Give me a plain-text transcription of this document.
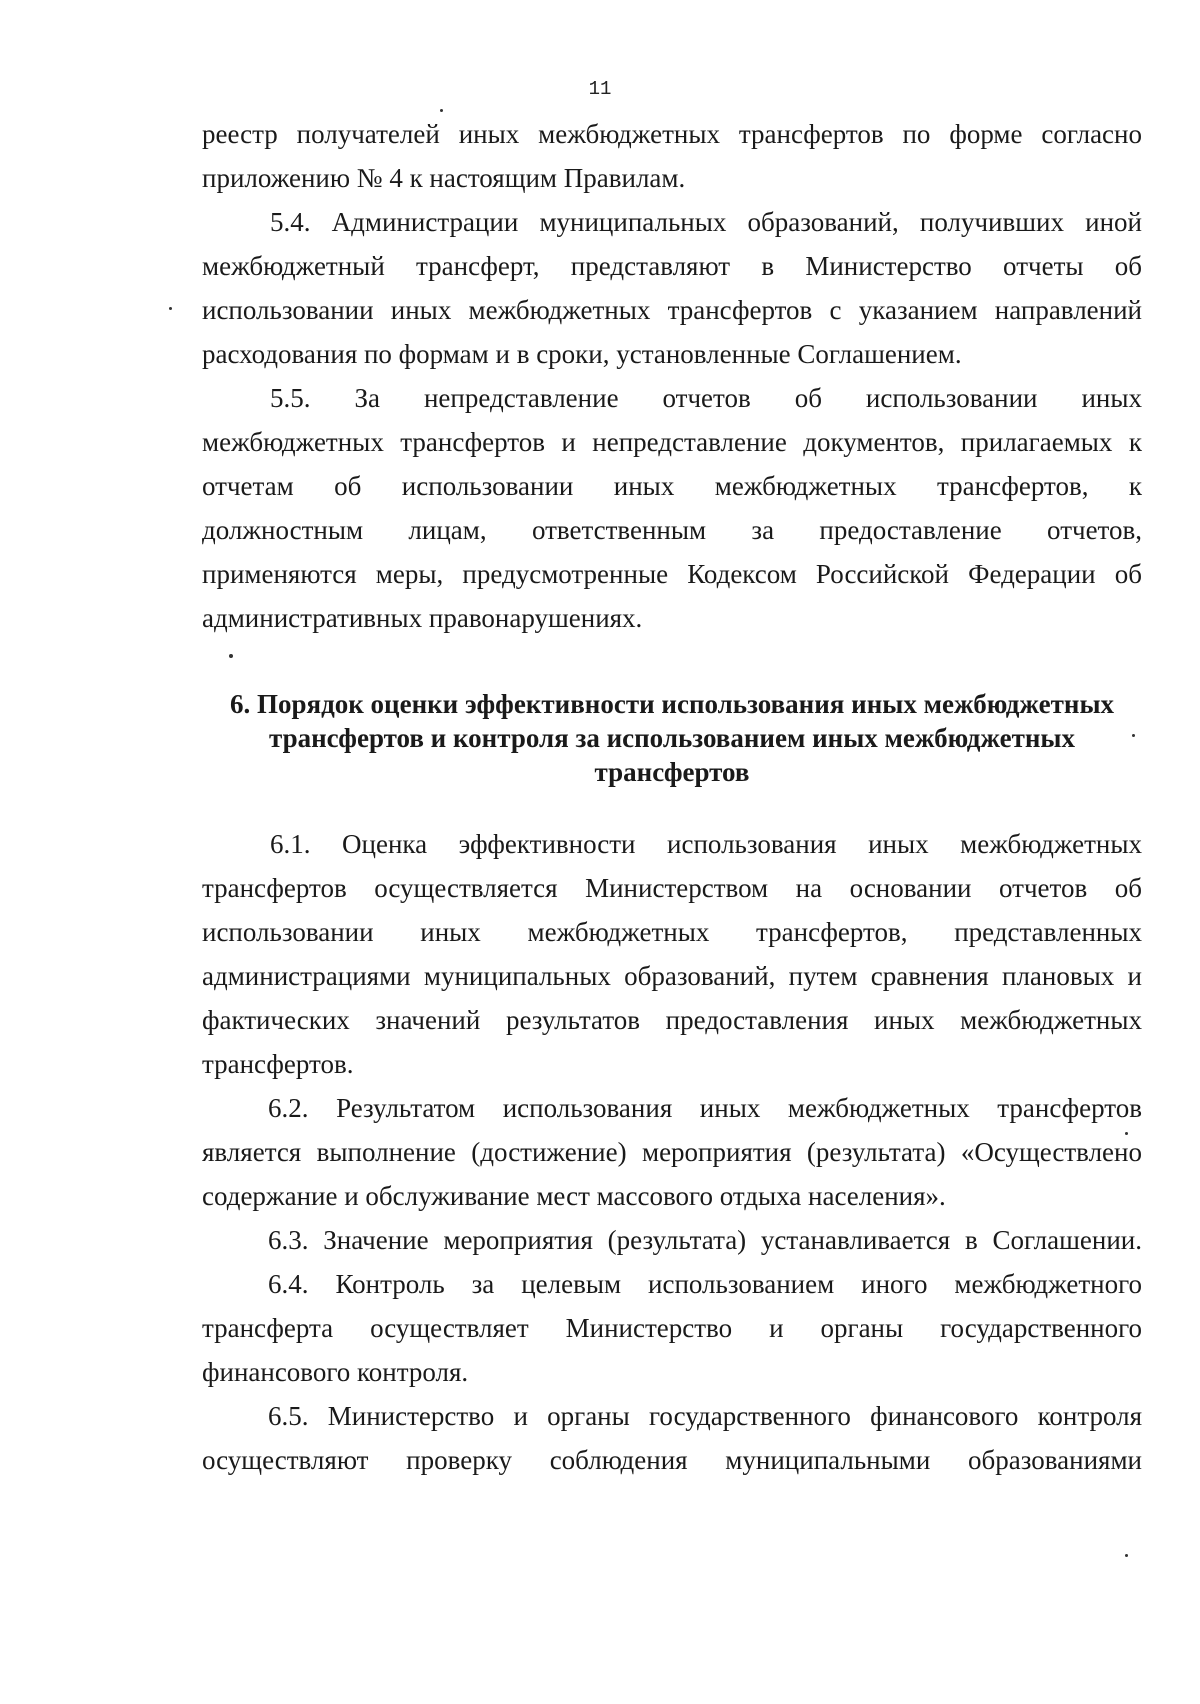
11
реестр получателей иных межбюджетных трансфертов по форме согласно
приложению № 4 к настоящим Правилам.
5.4. Администрации муниципальных образований, получивших иной
межбюджетный трансферт, представляют в Министерство отчеты об
использовании иных межбюджетных трансфертов с указанием направлений
расходования по формам и в сроки, установленные Соглашением.
5.5. За непредставление отчетов об использовании иных
межбюджетных трансфертов и непредставление документов, прилагаемых к
отчетам об использовании иных межбюджетных трансфертов, к
должностным лицам, ответственным за предоставление отчетов,
применяются меры, предусмотренные Кодексом Российской Федерации об
административных правонарушениях.
6. Порядок оценки эффективности использования иных межбюджетных
трансфертов и контроля за использованием иных межбюджетных
трансфертов
6.1. Оценка эффективности использования иных межбюджетных
трансфертов осуществляется Министерством на основании отчетов об
использовании иных межбюджетных трансфертов, представленных
администрациями муниципальных образований, путем сравнения плановых и
фактических значений результатов предоставления иных межбюджетных
трансфертов.
6.2. Результатом использования иных межбюджетных трансфертов
является выполнение (достижение) мероприятия (результата) «Осуществлено
содержание и обслуживание мест массового отдыха населения».
6.3. Значение мероприятия (результата) устанавливается в Соглашении.
6.4. Контроль за целевым использованием иного межбюджетного
трансферта осуществляет Министерство и органы государственного
финансового контроля.
6.5. Министерство и органы государственного финансового контроля
осуществляют проверку соблюдения муниципальными образованиями
